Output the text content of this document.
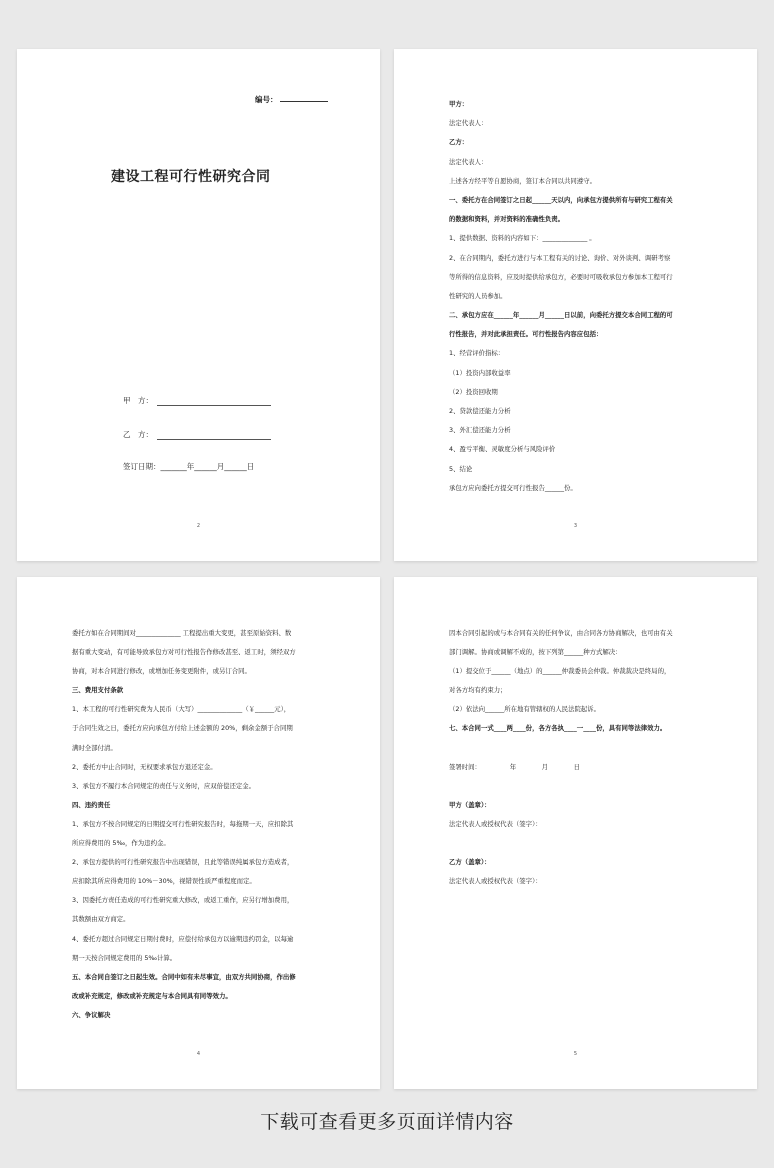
编号：
建设工程可行性研究合同
甲　方：
乙　方：
签订日期：_______年______月______日
2
甲方：
法定代表人：
乙方：
法定代表人：
上述各方经平等自愿协商，签订本合同以共同遵守。
一、委托方在合同签订之日起______天以内，向承包方提供所有与研究工程有关
的数据和资料，并对资料的准确性负责。
1、提供数据、资料的内容如下：______________ 。
2、在合同期内，委托方进行与本工程有关的讨论、询价、对外谈判、调研考察
等所得的信息资料，应及时提供给承包方，必要时可吸收承包方参加本工程可行
性研究的人员参加。
二、承包方应在______年______月______日以前，向委托方提交本合同工程的可
行性报告，并对此承担责任。可行性报告内容应包括：
1、经营评价指标：
（1）投资内部收益率
（2）投资回收期
2、贷款偿还能力分析
3、外汇偿还能力分析
4、盈亏平衡、灵敏度分析与风险评价
5、结论
承包方应向委托方提交可行性报告______份。
3
委托方如在合同期间对______________ 工程提出重大变更，甚至原始资料、数
据有重大变动，有可能导致承包方对可行性报告作修改甚至、返工时，须经双方
协商，对本合同进行修改，或增加任务变更附件，或另订合同。
三、费用支付条款
1、本工程的可行性研究费为人民币（大写）______________（￥______元），
于合同生效之日，委托方应向承包方付给上述金额的 20%，剩余金额于合同期
满时全部付清。
2、委托方中止合同时，无权要求承包方退还定金。
3、承包方不履行本合同规定的责任与义务时，应双倍偿还定金。
四、违约责任
1、承包方不按合同规定的日期提交可行性研究报告时，每拖期一天，应扣除其
所应得费用的 5‰，作为违约金。
2、承包方提供的可行性研究报告中出现错误，且此等错误纯属承包方造成者，
应扣除其所应得费用的 10%－30%，视错误性质严重程度而定。
3、因委托方责任造成的可行性研究重大修改，或返工重作，应另行增加费用，
其数额由双方商定。
4、委托方超过合同规定日期付费时，应偿付给承包方以逾期违约罚金，以每逾
期一天按合同规定费用的 5‰计算。
五、本合同自签订之日起生效。合同中如有未尽事宜，由双方共同协商，作出修
改或补充规定，修改或补充规定与本合同具有同等效力。
六、争议解决
4
因本合同引起的或与本合同有关的任何争议，由合同各方协商解决，也可由有关
部门调解。协商或调解不成的，按下列第______种方式解决：
（1）提交位于______（地点）的______仲裁委员会仲裁。仲裁裁决是终局的，
对各方均有约束力；
（2）依法向______所在地有管辖权的人民法院起诉。
七、本合同一式____两____份，各方各执____一____份，具有同等法律效力。
签署时间：　　　　　年　　　　月　　　　日
甲方（盖章）：
法定代表人或授权代表（签字）：
乙方（盖章）：
法定代表人或授权代表（签字）：
5
下载可查看更多页面详情内容
